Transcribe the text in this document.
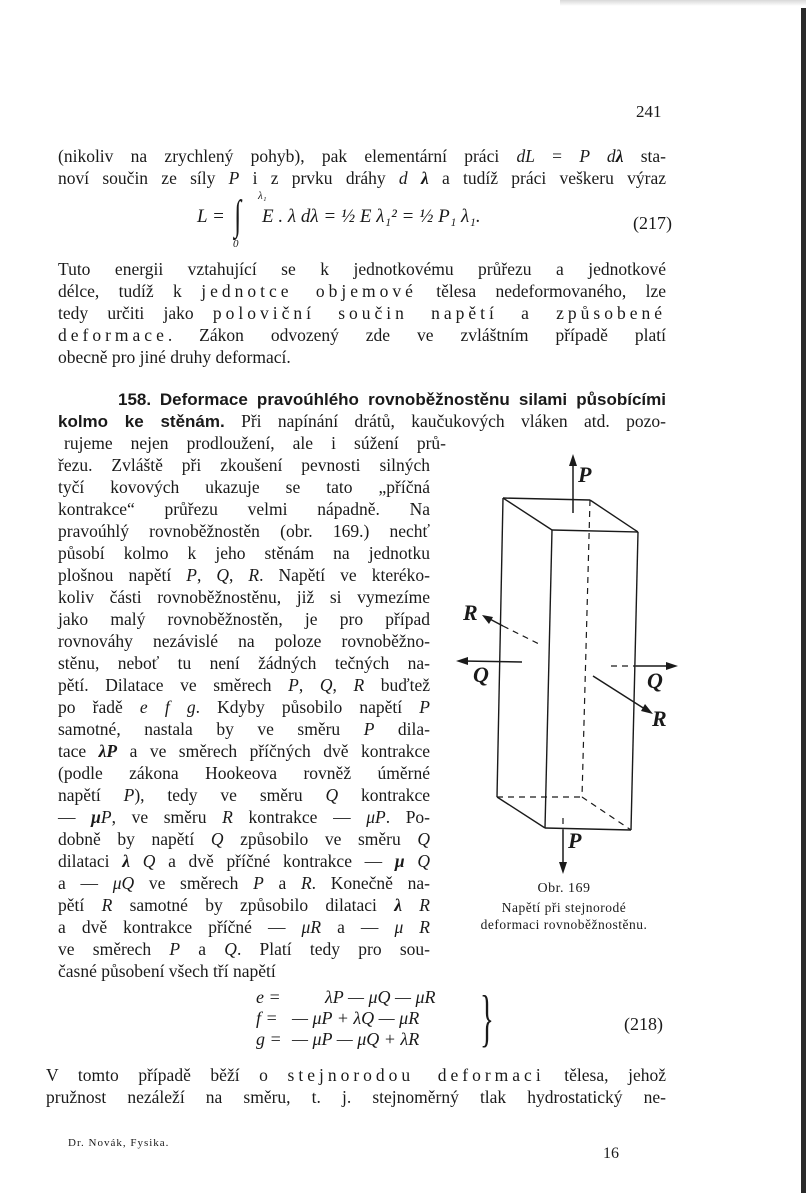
241
(nikoliv na zrychlený pohyb), pak elementární práci dL = P dλ sta-
noví součin ze síly P i z prvku dráhy d λ a tudíž práci veškeru výraz
L = ∫ λ₁
0
E . λ dλ = ½ E λ₁² = ½ P₁ λ₁.	(217)
Tuto energii vztahující se k jednotkovému průřezu a jednotkové
délce, tudíž k jednotce objemové tělesa nedeformovaného, lze
tedy určiti jako poloviční součin napětí a způsobené
deformace. Zákon odvozený zde ve zvláštním případě platí
obecně pro jiné druhy deformací.
158. Deformace pravoúhlého rovnoběžnostěnu silami působícími
kolmo ke stěnám. Při napínání drátů, kaučukových vláken atd. pozo-
rujeme nejen prodloužení, ale i súžení prů-
řezu. Zvláště při zkoušení pevnosti silných
tyčí kovových ukazuje se tato „příčná
kontrakce“ průřezu velmi nápadně. Na
pravoúhlý rovnoběžnostěn (obr. 169.) nechť
působí kolmo k jeho stěnám na jednotku
plošnou napětí P, Q, R. Napětí ve kteréko-
koliv části rovnoběžnostěnu, již si vymezíme
jako malý rovnoběžnostěn, je pro případ
rovnováhy nezávislé na poloze rovnoběžno-
stěnu, neboť tu není žádných tečných na-
pětí. Dilatace ve směrech P, Q, R buďtež
po řadě e f g. Kdyby působilo napětí P
samotné, nastala by ve směru P dila-
tace λP a ve směrech příčných dvě kontrakce
(podle zákona Hookeova rovněž úměrné
napětí P), tedy ve směru Q kontrakce
— μP, ve směru R kontrakce — μP. Po-
dobně by napětí Q způsobilo ve směru Q
dilataci λ Q a dvě příčné kontrakce — μ Q
a — μQ ve směrech P a R. Konečně na-
pětí R samotné by způsobilo dilataci λ R
a dvě kontrakce příčné — μR a — μ R
ve směrech P a Q. Platí tedy pro sou-
časné působení všech tří napětí
P
P
Q	Q
R
R
Obr. 169
Napětí při stejnorodé
deformaci rovnoběžnostěnu.
e = λP — μQ — μR
f = — μP + λQ — μR
g = — μP — μQ + λR }	(218)
V tomto případě běží o stejnorodou deformaci tělesa, jehož
pružnost nezáleží na směru, t. j. stejnoměrný tlak hydrostatický ne-
Dr. Novák, Fysika.
16
